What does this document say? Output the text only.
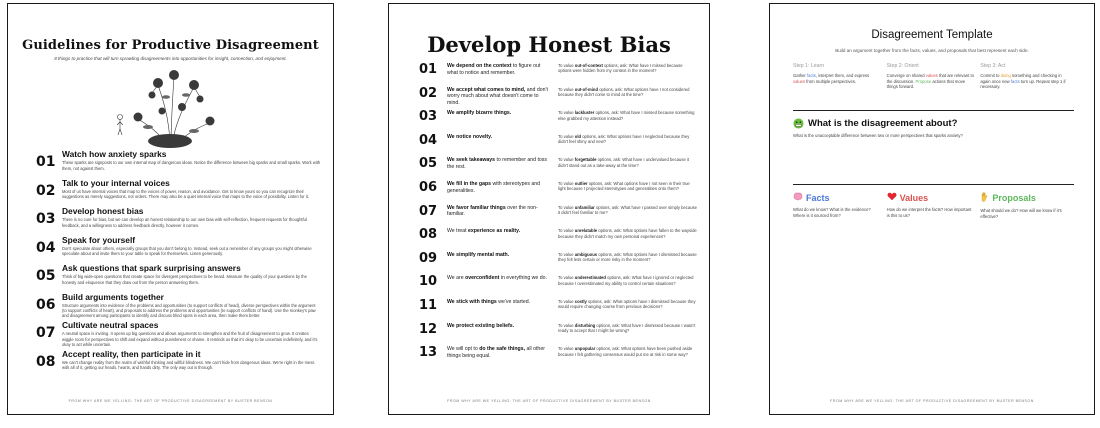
Guidelines for Productive Disagreement
8 things to practice that will turn sprawling disagreements into opportunities for insight, connection, and enjoyment.
01 Watch how anxiety sparks
These sparks are signposts to our own internal map of dangerous ideas. Notice the difference between big sparks and small sparks. Work with them, not against them.
02 Talk to your internal voices
Most of us have internal voices that map to the voices of power, reason, and avoidance. Get to know yours so you can recognize their suggestions as merely suggestions, not orders. There may also be a quiet internal voice that maps to the voice of possibility. Listen for it.
03 Develop honest bias
There is no cure for bias, but we can develop an honest relationship to our own bias with self-reflection, frequent requests for thoughtful feedback, and a willingness to address feedback directly, however it comes.
04 Speak for yourself
Don't speculate about others, especially groups that you don't belong to. Instead, seek out a remember of any groups you might otherwise speculate about and invite them to your table to speak for themselves. Listen generously.
05 Ask questions that spark surprising answers
Think of big wide-open questions that create space for divergent perspectives to be heard. Measure the quality of your questions by the honesty and eloquence that they draw out from the person answering them.
06 Build arguments together
Structure arguments into evidence of the problems and opportunities (to support conflicts of head), diverse perspectives within the argument (to support conflicts of heart), and proposals to address the problems and opportunities (to support conflicts of hand). Use the monkey's paw and disagreement among participants to identify and discuss blind spots in each area, then make them better.
07 Cultivate neutral spaces
A neutral space is inviting. It opens up big questions and allows arguments to strengthen and the fruit of disagreement to grow. It creates wiggle room for perspectives to shift and expand without punishment or shame. It reminds us that it's okay to be uncertain indefinitely, and it's okay to act while uncertain.
08 Accept reality, then participate in it
We can't change reality from the realm of wishful thinking and willful blindness. We can't hide from dangerous ideas. We're right in the mess with all of it, getting our heads, hearts, and hands dirty. The only way out is through.
FROM WHY ARE WE YELLING: THE ART OF PRODUCTIVE DISAGREEMENT BY BUSTER BENSON
Develop Honest Bias
01	We depend on the context to figure out what to notice and remember.
To value out-of-context options, ask: What have I missed because options were hidden from my context in the moment?
02	We accept what comes to mind, and don't worry much about what doesn't come to mind.
To value out-of-mind options, ask: What options have I not considered because they didn't come to mind at the time?
03	We amplify bizarre things.	To value lackluster options, ask: What have I missed because something else grabbed my attention instead?
04	We notice novelty.	To value old options, ask: What options have I neglected because they didn't feel shiny and new?
05	We seek takeaways to remember and toss the rest.
To value forgettable options, ask: What have I undervalued because it didn't stand out as a take-away at the time?
06	We fill in the gaps with stereotypes and generalities.
To value outlier options, ask: What options have I not seen in their true light because I projected stereotypes and generalities onto them?
07	We favor familiar things over the non-familiar.
To value unfamiliar options, ask: What have I passed over simply because it didn't feel familiar to me?
08	We treat experience as reality.	To value unrelatable options, ask: What options have fallen to the wayside because they didn't match my own personal experiences?
09	We simplify mental math.	To value ambiguous options, ask: What options have I dismissed because they felt less certain or more risky in the moment?
10	We are overconfident in everything we do.	To value underestimated options, ask: What have I ignored or neglected because I overestimated my ability to control certain situations?
11	We stick with things we've started.	To value costly options, ask: What options have I dismissed because they would require changing course from previous decisions?
12	We protect existing beliefs.	To value disturbing options, ask: What have I dismissed because I wasn't ready to accept that I might be wrong?
13	We will opt to do the safe things, all other things being equal.
To value unpopular options, ask: What options have been pushed aside because I felt gathering consensus would put me at risk in some way?
FROM WHY ARE WE YELLING: THE ART OF PRODUCTIVE DISAGREEMENT BY BUSTER BENSON
Disagreement Template
Build an argument together from the facts, values, and proposals that best represent each side.
Step 1: Learn
Gather facts, interpret them, and express values from multiple perspectives.
Step 2: Orient
Converge on shared values that are relevant to the discussion. Propose actions that move things forward.
Step 3: Act
Commit to doing something and checking in again once new facts turn up. Repeat step 1 if necessary.
What is the disagreement about?
What is the unacceptable difference between two or more perspectives that sparks anxiety?
Facts
What do we know? What is the evidence? Where is it sourced from?
Values
How do we interpret the facts? How important is this to us?
Proposals
What should we do? How will we know if it's effective?
FROM WHY ARE WE YELLING: THE ART OF PRODUCTIVE DISAGREEMENT BY BUSTER BENSON
